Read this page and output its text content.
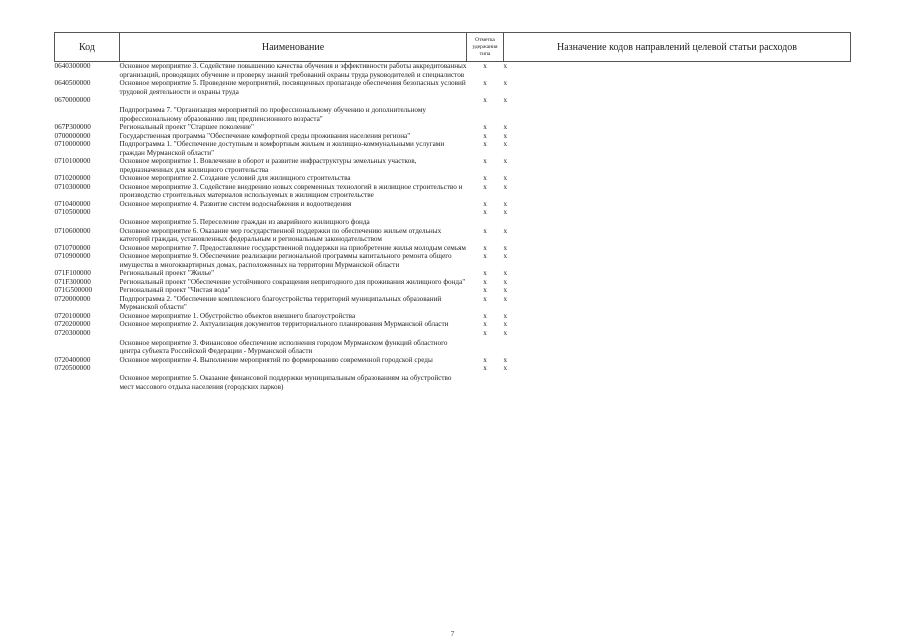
Код	Наименование	Отметка
удержания
типа	Назначение кодов направлений целевой статьи расходов
0640300000	Основное мероприятие 3. Содействие повышению качества обучения и эффективности работы аккредитованных организаций, проводящих обучение и проверку знаний требований охраны труда руководителей и специалистов	х	х
0640500000	Основное мероприятие 5. Проведение мероприятий, посвященных пропаганде обеспечения безопасных условий трудовой деятельности и охраны труда	х	х
0670000000	Подпрограмма 7. "Организация мероприятий по профессиональному обучению и дополнительному профессиональному образованию лиц предпенсионного возраста"	х	х
067P300000	Региональный проект "Старшее поколение"	х	х
0700000000	Государственная программа "Обеспечение комфортной среды проживания населения региона"	х	х
0710000000	Подпрограмма 1. "Обеспечение доступным и комфортным жильем и жилищно-коммунальными услугами граждан Мурманской области"	х	х
0710100000	Основное мероприятие 1. Вовлечение в оборот и развитие инфраструктуры земельных участков, предназначенных для жилищного строительства	х	х
0710200000	Основное мероприятие 2. Создание условий для жилищного строительства	х	х
0710300000	Основное мероприятие 3. Содействие внедрению новых современных технологий в жилищное строительство и производство строительных материалов используемых в жилищном строительстве	х	х
0710400000	Основное мероприятие 4. Развитие систем водоснабжения и водоотведения	х	х
0710500000	Основное мероприятие 5. Переселение граждан из аварийного жилищного фонда	х	х
0710600000	Основное мероприятие 6. Оказание мер государственной поддержки по обеспечению жильем отдельных категорий граждан, установленных федеральным и региональным законодательством	х	х
0710700000	Основное мероприятие 7. Предоставление государственной поддержки на приобретение жилья молодым семьям	х	х
0710900000	Основное мероприятие 9. Обеспечение реализации региональной программы капитального ремонта общего имущества в многоквартирных домах, расположенных на территории Мурманской области	х	х
071F100000	Региональный проект "Жилье"	х	х
071F300000	Региональный проект "Обеспечение устойчивого сокращения непригодного для проживания жилищного фонда"	х	х
071G500000	Региональный проект "Чистая вода"	х	х
0720000000	Подпрограмма 2. "Обеспечение комплексного благоустройства территорий муниципальных образований Мурманской области"	х	х
0720100000	Основное мероприятие 1. Обустройство объектов внешнего благоустройства	х	х
0720200000	Основное мероприятие 2. Актуализация документов территориального планирования Мурманской области	х	х
0720300000	Основное мероприятие 3. Финансовое обеспечение исполнения городом Мурманском функций областного центра субъекта Российской Федерации - Мурманской области	х	х
0720400000	Основное мероприятие 4. Выполнение мероприятий по формированию современной городской среды	х	х
0720500000	Основное мероприятие 5. Оказание финансовой поддержки муниципальным образованиям на обустройство мест массового отдыха населения (городских парков)	х	х
7
